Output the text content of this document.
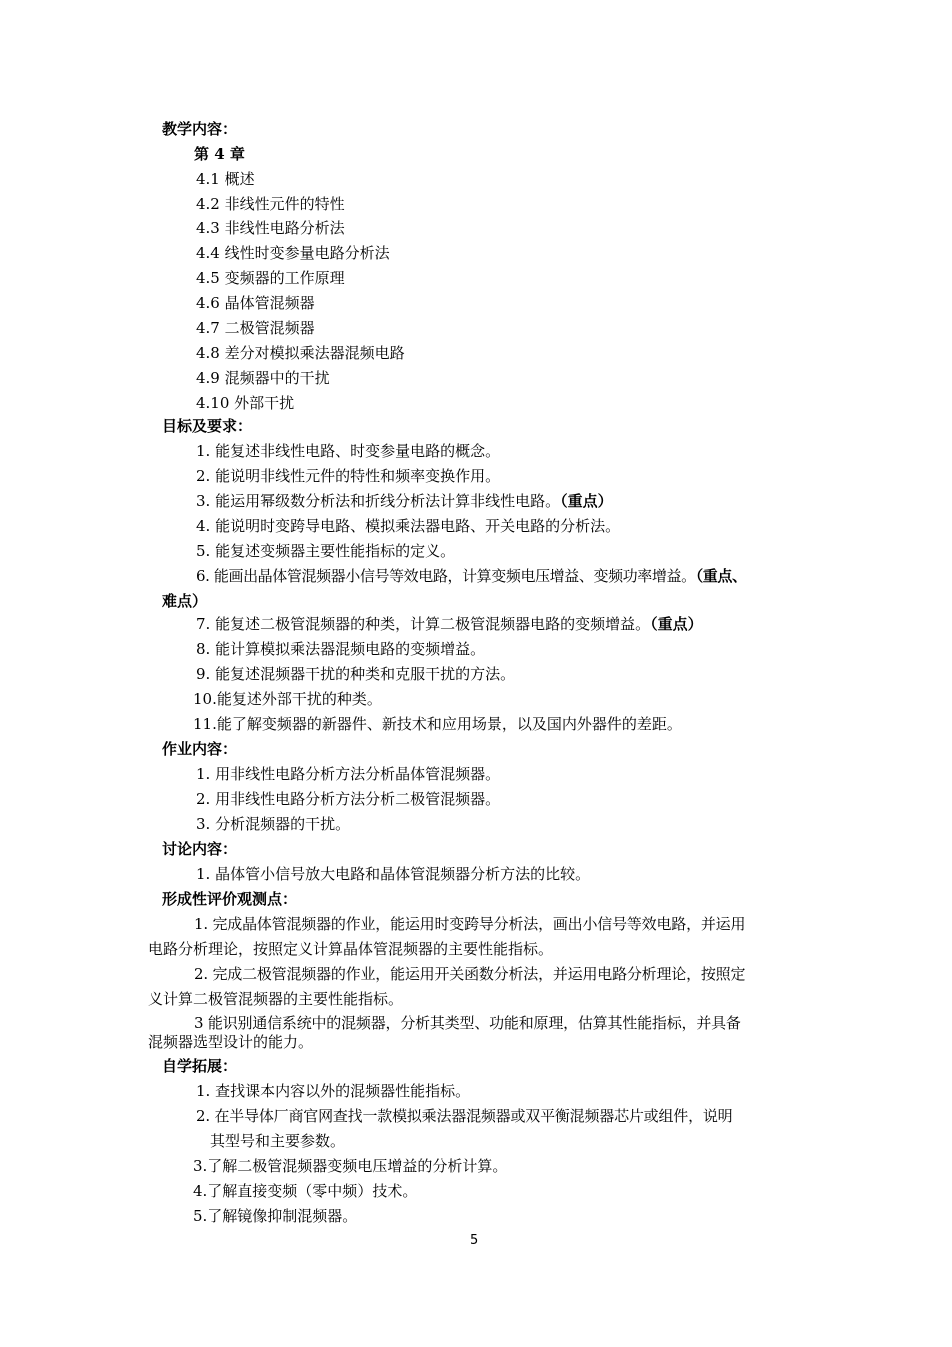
教学内容：
第 4 章
4.1 概述
4.2 非线性元件的特性
4.3 非线性电路分析法
4.4 线性时变参量电路分析法
4.5 变频器的工作原理
4.6 晶体管混频器
4.7 二极管混频器
4.8 差分对模拟乘法器混频电路
4.9 混频器中的干扰
4.10 外部干扰
目标及要求：
1. 能复述非线性电路、时变参量电路的概念。
2. 能说明非线性元件的特性和频率变换作用。
3. 能运用幂级数分析法和折线分析法计算非线性电路。（重点）
4. 能说明时变跨导电路、模拟乘法器电路、开关电路的分析法。
5. 能复述变频器主要性能指标的定义。
6. 能画出晶体管混频器小信号等效电路，计算变频电压增益、变频功率增益。（重点、
难点）
7. 能复述二极管混频器的种类，计算二极管混频器电路的变频增益。（重点）
8. 能计算模拟乘法器混频电路的变频增益。
9. 能复述混频器干扰的种类和克服干扰的方法。
10.能复述外部干扰的种类。
11.能了解变频器的新器件、新技术和应用场景，以及国内外器件的差距。
作业内容：
1. 用非线性电路分析方法分析晶体管混频器。
2. 用非线性电路分析方法分析二极管混频器。
3. 分析混频器的干扰。
讨论内容：
1. 晶体管小信号放大电路和晶体管混频器分析方法的比较。
形成性评价观测点：
1. 完成晶体管混频器的作业，能运用时变跨导分析法，画出小信号等效电路，并运用
电路分析理论，按照定义计算晶体管混频器的主要性能指标。
2. 完成二极管混频器的作业，能运用开关函数分析法，并运用电路分析理论，按照定
义计算二极管混频器的主要性能指标。
3 能识别通信系统中的混频器，分析其类型、功能和原理，估算其性能指标，并具备
混频器选型设计的能力。
自学拓展：
1. 查找课本内容以外的混频器性能指标。
2. 在半导体厂商官网查找一款模拟乘法器混频器或双平衡混频器芯片或组件，说明
其型号和主要参数。
3.了解二极管混频器变频电压增益的分析计算。
4.了解直接变频（零中频）技术。
5.了解镜像抑制混频器。
5
